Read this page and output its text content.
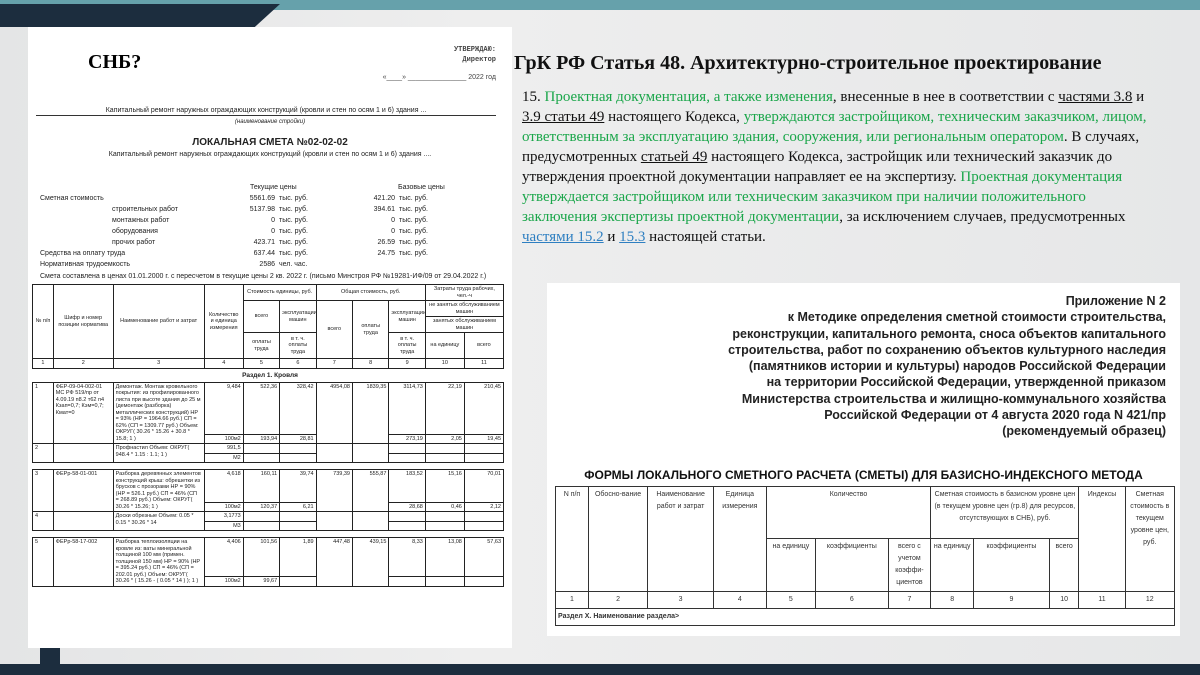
СНБ?
УТВЕРЖДАЮ:
Директор
«____» _______________ 2022 год
Капитальный ремонт наружных ограждающих конструкций (кровли и стен по осям 1 и 6) здания ...
(наименование стройки)
ЛОКАЛЬНАЯ СМЕТА №02-02-02
Капитальный ремонт наружных ограждающих конструкций (кровли и стен по осям 1 и 6) здания ....
Текущие цены	Базовые цены
Сметная стоимость	5561.69 тыс. руб.	421.20 тыс. руб.
строительных работ	5137.98 тыс. руб.	394.61 тыс. руб.
монтажных работ	0 тыс. руб.	0 тыс. руб.
оборудования	0 тыс. руб.	0 тыс. руб.
прочих работ	423.71 тыс. руб.	26.59 тыс. руб.
Средства на оплату труда	637.44 тыс. руб.	24.75 тыс. руб.
Нормативная трудоемкость	2586 чел. час.
Смета составлена в ценах 01.01.2000 г. с пересчетом в текущие цены 2 кв. 2022 г. (письмо Минстроя РФ №19281-ИФ/09 от 29.04.2022 г.)
№ п/п	Шифр и номер позиции норматива	Наименование работ и затрат	Количество и единица измерения	Стоимость единицы, руб.		Общая стоимость, руб.			Затраты труда рабочих, чел.-ч	
				всего	эксплуатации машин	всего	оплаты труда	эксплуатации машин	не занятых обслуживанием машин	
									занятых обслуживанием машин	
				оплаты труда	в т. ч. оплаты труда			в т. ч. оплаты труда	на единицу	всего
1	2	3	4	5	6	7	8	9	10	11
Раздел 1. Кровля
1	ФЕР-09-04-002-01 МС РФ 519/пр от 4.09.19 п8.2 т62 п4 Кзап=0,7; Кэм=0,7; Кмат=0	Демонтаж. Монтаж кровельного покрытия: из профилированного листа при высоте здания до 25 м (демонтаж (разборка) металлических конструкций) НР = 93% (НР = 1964.66 руб.) СП = 62% (СП = 1309.77 руб.) Объем: ОКРУГ( 30.26 * 15.26 + 30.8 * 15.8; 1 )	9,484	522,36	328,42	4954,08	1839,35	3114,73	22,19	210,45
			100м2	193,94	28,81			273,19	2,05	19,45
2		Профнастил Объем: ОКРУГ( 948.4 * 1.15 : 1.1; 1 )	991,5							
			М2							
3	ФЕРр-58-01-001	Разборка деревянных элементов конструкций крыш: обрешетки из брусков с прозорами НР = 90% (НР = 526.1 руб.) СП = 46% (СП = 268.89 руб.) Объем: ОКРУГ( 30.26 * 15.26; 1 )	4,618	160,11	39,74	739,39	555,87	183,52	15,16	70,01
			100м2	120,37	6,21			28,68	0,46	2,12
4		Доски обрезные Объем: 0.05 * 0.15 * 30.26 * 14	3,1773							
			М3							
5	ФЕРр-58-17-002	Разборка теплоизоляции на кровле из: ваты минеральной толщиной 100 мм (примен. толщиной 150 мм) НР = 90% (НР = 395.24 руб.) СП = 46% (СП = 202.01 руб.) Объем: ОКРУГ( 30.26 * ( 15.26 - ( 0.05 * 14 ) ); 1 )	4,406	101,56	1,89	447,48	439,15	8,33	13,08	57,63
			100м2	99,67						
ГрК РФ Статья 48. Архитектурно-строительное проектирование
15. Проектная документация, а также изменения, внесенные в нее в соответствии с частями 3.8 и 3.9 статьи 49 настоящего Кодекса, утверждаются застройщиком, техническим заказчиком, лицом, ответственным за эксплуатацию здания, сооружения, или региональным оператором. В случаях, предусмотренных статьей 49 настоящего Кодекса, застройщик или технический заказчик до утверждения проектной документации направляет ее на экспертизу. Проектная документация утверждается застройщиком или техническим заказчиком при наличии положительного заключения экспертизы проектной документации, за исключением случаев, предусмотренных частями 15.2 и 15.3 настоящей статьи.
Приложение N 2
к Методике определения сметной стоимости строительства,
реконструкции, капитального ремонта, сноса объектов капитального
строительства, работ по сохранению объектов культурного наследия
(памятников истории и культуры) народов Российской Федерации
на территории Российской Федерации, утвержденной приказом
Министерства строительства и жилищно-коммунального хозяйства
Российской Федерации от 4 августа 2020 года N 421/пр
(рекомендуемый образец)
ФОРМЫ ЛОКАЛЬНОГО СМЕТНОГО РАСЧЕТА (СМЕТЫ) ДЛЯ БАЗИСНО-ИНДЕКСНОГО МЕТОДА
N п/п	Обосно-вание	Наименование работ и затрат	Единица измерения	Количество			Сметная стоимость в базисном уровне цен (в текущем уровне цен (гр.8) для ресурсов, отсутствующих в СНБ), руб.			Индексы	Сметная стоимость в текущем уровне цен, руб.
				на единицу	коэффициенты	всего с учетом коэффи-циентов	на единицу	коэффициенты	всего		
1	2	3	4	5	6	7	8	9	10	11	12
Раздел X. Наименование раздела>											
